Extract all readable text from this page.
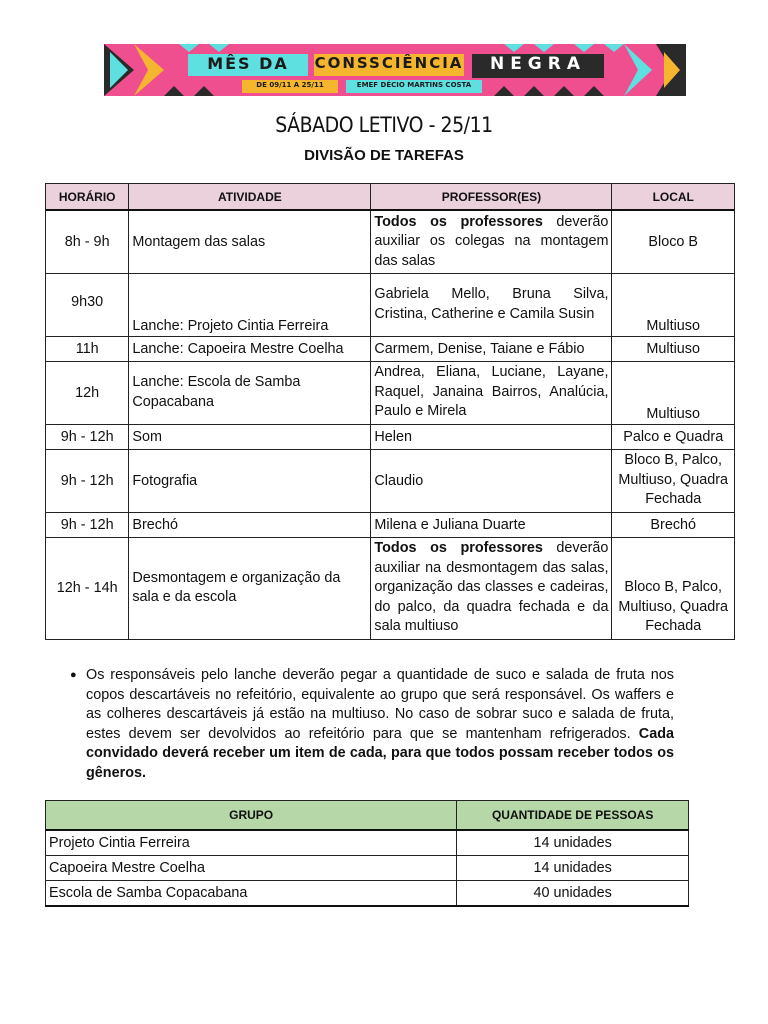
MÊS DA	CONSSCIÊNCIA	NEGRA
DE 09/11 A 25/11	EMEF DÉCIO MARTINS COSTA
SÁBADO LETIVO - 25/11
DIVISÃO DE TAREFAS
HORÁRIO	ATIVIDADE	PROFESSOR(ES)	LOCAL
8h - 9h	Montagem das salas	Todos os professores deverão auxiliar os colegas na montagem das salas	Bloco B
9h30	Lanche: Projeto Cintia Ferreira	Gabriela Mello, Bruna Silva, Cristina, Catherine e Camila Susin	Multiuso
11h	Lanche: Capoeira Mestre Coelha	Carmem, Denise, Taiane e Fábio	Multiuso
12h	Lanche: Escola de Samba Copacabana	Andrea, Eliana, Luciane, Layane, Raquel, Janaina Bairros, Analúcia, Paulo e Mirela	Multiuso
9h - 12h	Som	Helen	Palco e Quadra
9h - 12h	Fotografia	Claudio	Bloco B, Palco, Multiuso, Quadra Fechada
9h - 12h	Brechó	Milena e Juliana Duarte	Brechó
12h - 14h	Desmontagem e organização da sala e da escola	Todos os professores deverão auxiliar na desmontagem das salas, organização das classes e cadeiras, do palco, da quadra fechada e da sala multiuso	Bloco B, Palco, Multiuso, Quadra Fechada
● Os responsáveis pelo lanche deverão pegar a quantidade de suco e salada de fruta nos copos descartáveis no refeitório, equivalente ao grupo que será responsável. Os waffers e as colheres descartáveis já estão na multiuso. No caso de sobrar suco e salada de fruta, estes devem ser devolvidos ao refeitório para que se mantenham refrigerados. Cada convidado deverá receber um item de cada, para que todos possam receber todos os gêneros.

GRUPO	QUANTIDADE DE PESSOAS
Projeto Cintia Ferreira	14 unidades
Capoeira Mestre Coelha	14 unidades
Escola de Samba Copacabana	40 unidades
